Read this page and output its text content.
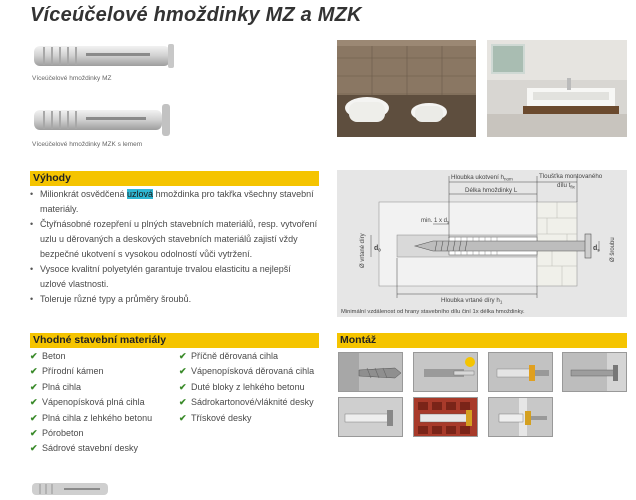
Víceúčelové hmoždinky MZ a MZK
Víceúčelové hmoždinky MZ
Víceúčelové hmoždinky MZK s lemem
Výhody
• Milionkrát osvědčená uzlová hmoždinka pro takřka všechny stavební materiály.
• Čtyřnásobné rozepření u plných stavebních materiálů, resp. vytvoření uzlu u děrovaných a deskových stavebních materiálů zajistí vždy bezpečné ukotvení s vysokou odolností vůči vytržení.
• Vysoce kvalitní polyetylén garantuje trvalou elasticitu a nejlepší uzlové vlastnosti.
• Toleruje různé typy a průměry šroubů.
Hloubka ukotvení $h_{nom}$	Tloušťka montovaného
dílu $t_{fix}$
Délka hmoždinky L
min. 1 x $d_s$
Ø vrtané díry $d_0$	$d_s$ Ø šroubu
Hloubka vrtané díry $h_1$
Minimální vzdálenost od hrany stavebního dílu činí 1x délka hmoždinky.
Vhodné stavební materiály
✔ Beton
✔ Přírodní kámen
✔ Plná cihla
✔ Vápenopísková plná cihla
✔ Plná cihla z lehkého betonu
✔ Pórobeton
✔ Sádrové stavební desky
✔ Příčně děrovaná cihla
✔ Vápenopísková děrovaná cihla
✔ Duté bloky z lehkého betonu
✔ Sádrokartonové/vláknité desky
✔ Třískové desky
Montáž
